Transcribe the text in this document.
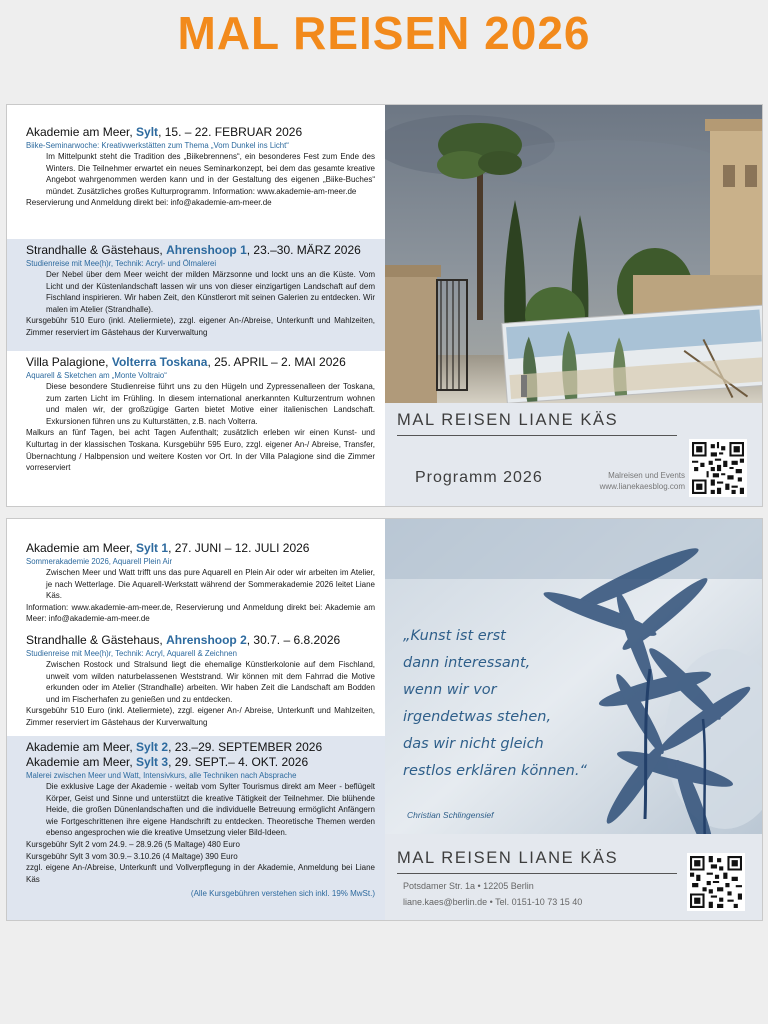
MAL REISEN 2026
Akademie am Meer, Sylt, 15. – 22. FEBRUAR 2026
Biike-Seminarwoche: Kreativwerkstätten zum Thema „Vom Dunkel ins Licht“
Im Mittelpunkt steht die Tradition des „Biikebrennens“, ein besonderes Fest zum Ende des Winters. Die Teilnehmer erwartet ein neues Seminarkonzept, bei dem das gesamte kreative Angebot wahrgenommen werden kann und in der Gestaltung des eigenen „Biike-Buches“ mündet. Zusätzliches großes Kulturprogramm. Information: www.akademie-am-meer.de
Reservierung und Anmeldung direkt bei: info@akademie-am-meer.de
Strandhalle & Gästehaus, Ahrenshoop 1, 23.–30. MÄRZ 2026
Studienreise mit Mee(h)r, Technik: Acryl- und Ölmalerei
Der Nebel über dem Meer weicht der milden Märzsonne und lockt uns an die Küste. Vom Licht und der Küstenlandschaft lassen wir uns von dieser einzigartigen Landschaft auf dem Fischland inspirieren. Wir haben Zeit, den Künstlerort mit seinen Galerien zu entdecken. Wir malen im Atelier (Strandhalle).
Kursgebühr 510 Euro (inkl. Ateliermiete), zzgl. eigener An-/Abreise, Unterkunft und Mahlzeiten, Zimmer reserviert im Gästehaus der Kurverwaltung
Villa Palagione, Volterra Toskana, 25. APRIL – 2. MAI 2026
Aquarell & Sketchen am „Monte Voltraio“
Diese besondere Studienreise führt uns zu den Hügeln und Zypressenalleen der Toskana, zum zarten Licht im Frühling. In diesem international anerkannten Kulturzentrum wohnen und malen wir, der großzügige Garten bietet Motive einer italienischen Landschaft. Exkursionen führen uns zu Kulturstätten, z.B. nach Volterra.
Malkurs an fünf Tagen, bei acht Tagen Aufenthalt; zusätzlich erleben wir einen Kunst- und Kulturtag in der klassischen Toskana. Kursgebühr 595 Euro, zzgl. eigener An-/ Abreise, Transfer, Übernachtung / Halbpension und weitere Kosten vor Ort. In der Villa Palagione sind die Zimmer vorreserviert
MAL REISEN LIANE KÄS
Programm 2026	Malreisen und Events
www.lianekaesblog.com
Akademie am Meer, Sylt 1, 27. JUNI – 12. JULI 2026
Sommerakademie 2026, Aquarell Plein Air
Zwischen Meer und Watt trifft uns das pure Aquarell en Plein Air oder wir arbeiten im Atelier, je nach Wetterlage. Die Aquarell-Werkstatt während der Sommerakademie 2026 leitet Liane Käs.
Information: www.akademie-am-meer.de, Reservierung und Anmeldung direkt bei: Akademie am Meer: info@akademie-am-meer.de
Strandhalle & Gästehaus, Ahrenshoop 2, 30.7. – 6.8.2026
Studienreise mit Mee(h)r, Technik: Acryl, Aquarell & Zeichnen
Zwischen Rostock und Stralsund liegt die ehemalige Künstlerkolonie auf dem Fischland, unweit vom wilden naturbelassenen Weststrand. Wir können mit dem Fahrrad die Motive erkunden oder im Atelier (Strandhalle) arbeiten. Wir haben Zeit die Landschaft am Bodden und im Fischerhafen zu genießen und zu entdecken.
Kursgebühr 510 Euro (inkl. Ateliermiete), zzgl. eigener An-/ Abreise, Unterkunft und Mahlzeiten, Zimmer reserviert im Gästehaus der Kurverwaltung
Akademie am Meer, Sylt 2, 23.–29. SEPTEMBER 2026
Akademie am Meer, Sylt 3, 29. SEPT.– 4. OKT. 2026
Malerei zwischen Meer und Watt, Intensivkurs, alle Techniken nach Absprache
Die exklusive Lage der Akademie - weitab vom Sylter Tourismus direkt am Meer - beflügelt Körper, Geist und Sinne und unterstützt die kreative Tätigkeit der Teilnehmer. Die blühende Heide, die großen Dünenlandschaften und die individuelle Betreuung ermöglicht Anfängern wie Fortgeschrittenen ihre eigene Handschrift zu entdecken. Theoretische Themen werden ebenso angesprochen wie die kreative Umsetzung vieler Bild-Ideen.
Kursgebühr Sylt 2 vom 24.9. – 28.9.26 (5 Maltage) 480 Euro
Kursgebühr Sylt 3 vom 30.9.– 3.10.26 (4 Maltage) 390 Euro
zzgl. eigene An-/Abreise, Unterkunft und Vollverpflegung in der Akademie, Anmeldung bei Liane Käs
(Alle Kursgebühren verstehen sich inkl. 19% MwSt.)
„Kunst ist erst
dann interessant,
wenn wir vor
irgendetwas stehen,
das wir nicht gleich
restlos erklären können.“
Christian Schlingensief
MAL REISEN LIANE KÄS
Potsdamer Str. 1a • 12205 Berlin
liane.kaes@berlin.de • Tel. 0151-10 73 15 40
